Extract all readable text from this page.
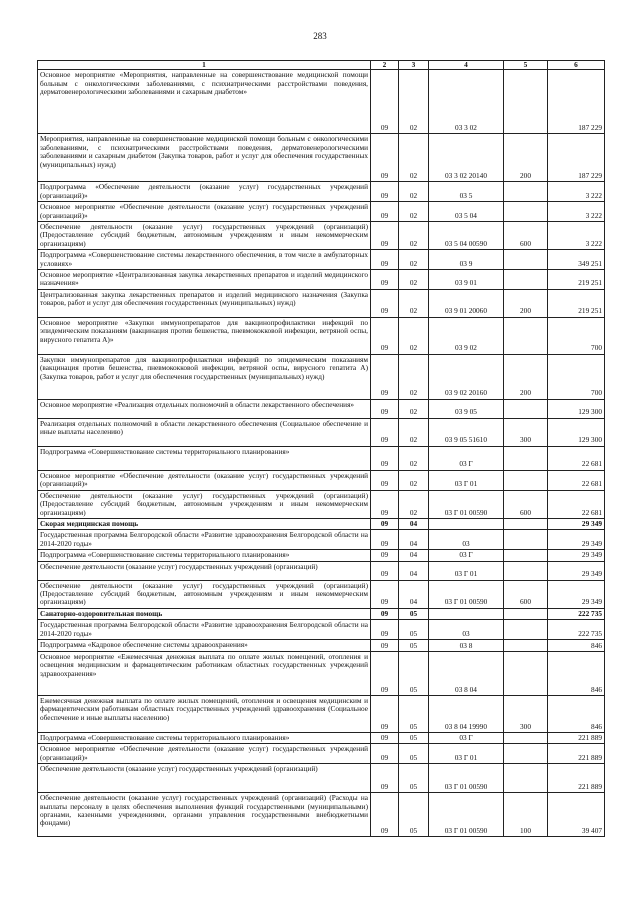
283
1	2	3	4	5	6
Основное мероприятие «Мероприятия, направленные на совершенствование медицинской помощи больным с онкологическими заболеваниями, с психиатрическими расстройствами поведения, дерматовенерологическими заболеваниями и сахарным диабетом»	09	02	03 3 02		187 229
Мероприятия, направленные на совершенствование медицинской помощи больным с онкологическими заболеваниями, с психиатрическими расстройствами поведения, дерматовенерологическими заболеваниями и сахарным диабетом (Закупка товаров, работ и услуг для обеспечения государственных (муниципальных) нужд)	09	02	03 3 02 20140	200	187 229
Подпрограмма «Обеспечение деятельности (оказание услуг) государственных учреждений (организаций)»	09	02	03 5		3 222
Основное мероприятие «Обеспечение деятельности (оказание услуг) государственных учреждений (организаций)»	09	02	03 5 04		3 222
Обеспечение деятельности (оказание услуг) государственных учреждений (организаций) (Предоставление субсидий бюджетным, автономным учреждениям и иным некоммерческим организациям)	09	02	03 5 04 00590	600	3 222
Подпрограмма «Совершенствование системы лекарственного обеспечения, в том числе в амбулаторных условиях»	09	02	03 9		349 251
Основное мероприятие «Централизованная закупка лекарственных препаратов и изделий медицинского назначения»	09	02	03 9 01		219 251
Централизованная закупка лекарственных препаратов и изделий медицинского назначения (Закупка товаров, работ и услуг для обеспечения государственных (муниципальных) нужд)	09	02	03 9 01 20060	200	219 251
Основное мероприятие «Закупки иммунопрепаратов для вакцинопрофилактики инфекций по эпидемическим показаниям (вакцинация против бешенства, пневмококковой инфекции, ветряной оспы, вирусного гепатита А)»	09	02	03 9 02		700
Закупки иммунопрепаратов для вакцинопрофилактики инфекций по эпидемическим показаниям (вакцинация против бешенства, пневмококковой инфекции, ветряной оспы, вирусного гепатита А) (Закупка товаров, работ и услуг для обеспечения государственных (муниципальных) нужд)	09	02	03 9 02 20160	200	700
Основное мероприятие «Реализация отдельных полномочий в области лекарственного обеспечения»	09	02	03 9 05		129 300
Реализация отдельных полномочий в области лекарственного обеспечения (Социальное обеспечение и иные выплаты населению)	09	02	03 9 05 51610	300	129 300
Подпрограмма «Совершенствование системы территориального планирования»	09	02	03 Г		22 681
Основное мероприятие «Обеспечение деятельности (оказание услуг) государственных учреждений (организаций)»	09	02	03 Г 01		22 681
Обеспечение деятельности (оказание услуг) государственных учреждений (организаций) (Предоставление субсидий бюджетным, автономным учреждениям и иным некоммерческим организациям)	09	02	03 Г 01 00590	600	22 681
Скорая медицинская помощь	09	04			29 349
Государственная программа Белгородской области «Развитие здравоохранения Белгородской области на 2014-2020 годы»	09	04	03		29 349
Подпрограмма «Совершенствование системы территориального планирования»	09	04	03 Г		29 349
Обеспечение деятельности (оказание услуг) государственных учреждений (организаций)	09	04	03 Г 01		29 349
Обеспечение деятельности (оказание услуг) государственных учреждений (организаций) (Предоставление субсидий бюджетным, автономным учреждениям и иным некоммерческим организациям)	09	04	03 Г 01 00590	600	29 349
Санаторно-оздоровительная помощь	09	05			222 735
Государственная программа Белгородской области «Развитие здравоохранения Белгородской области на 2014-2020 годы»	09	05	03		222 735
Подпрограмма «Кадровое обеспечение системы здравоохранения»	09	05	03 8		846
Основное мероприятие «Ежемесячная денежная выплата по оплате жилых помещений, отопления и освещения медицинским и фармацевтическим работникам областных государственных учреждений здравоохранения»	09	05	03 8 04		846
Ежемесячная денежная выплата по оплате жилых помещений, отопления и освещения медицинским и фармацевтическим работникам областных государственных учреждений здравоохранения (Социальное обеспечение и иные выплаты населению)	09	05	03 8 04 19990	300	846
Подпрограмма «Совершенствование системы территориального планирования»	09	05	03 Г		221 889
Основное мероприятие «Обеспечение деятельности (оказание услуг) государственных учреждений (организаций)»	09	05	03 Г 01		221 889
Обеспечение деятельности (оказание услуг) государственных учреждений (организаций)	09	05	03 Г 01 00590		221 889
Обеспечение деятельности (оказание услуг) государственных учреждений (организаций) (Расходы на выплаты персоналу в целях обеспечения выполнения функций государственными (муниципальными) органами, казенными учреждениями, органами управления государственными внебюджетными фондами)	09	05	03 Г 01 00590	100	39 407
